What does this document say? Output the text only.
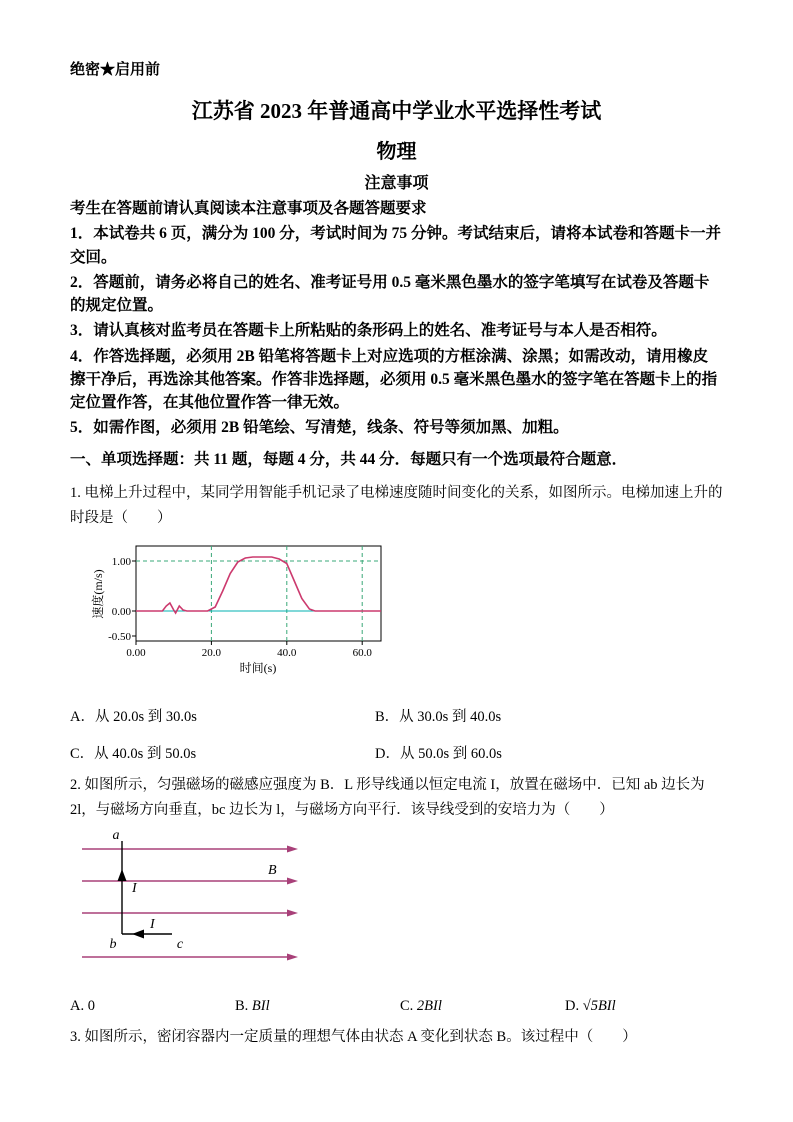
绝密★启用前
江苏省 2023 年普通高中学业水平选择性考试
物理
注意事项

考生在答题前请认真阅读本注意事项及各题答题要求

1．本试卷共 6 页，满分为 100 分，考试时间为 75 分钟。考试结束后，请将本试卷和答题卡一并交回。

2．答题前，请务必将自己的姓名、准考证号用 0.5 毫米黑色墨水的签字笔填写在试卷及答题卡的规定位置。

3．请认真核对监考员在答题卡上所粘贴的条形码上的姓名、准考证号与本人是否相符。

4．作答选择题，必须用 2B 铅笔将答题卡上对应选项的方框涂满、涂黑；如需改动，请用橡皮擦干净后，再选涂其他答案。作答非选择题，必须用 0.5 毫米黑色墨水的签字笔在答题卡上的指定位置作答，在其他位置作答一律无效。

5．如需作图，必须用 2B 铅笔绘、写清楚，线条、符号等须加黑、加粗。

一、单项选择题：共 11 题，每题 4 分，共 44 分．每题只有一个选项最符合题意．

1. 电梯上升过程中，某同学用智能手机记录了电梯速度随时间变化的关系，如图所示。电梯加速上升的时段是（　　）

1.00
0.00
-0.50
0.00	20.0	40.0	60.0
时间(s)
速度(m/s)
A．从 20.0s 到 30.0s	B．从 30.0s 到 40.0s
C．从 40.0s 到 50.0s	D．从 50.0s 到 60.0s

2. 如图所示，匀强磁场的磁感应强度为 B．L 形导线通以恒定电流 I，放置在磁场中．已知 ab 边长为 2l，与磁场方向垂直，bc 边长为 l，与磁场方向平行．该导线受到的安培力为（　　）

a
b	c
I
I
B
A. 0	B. BIl	C. 2BIl	D. √5BIl

3. 如图所示，密闭容器内一定质量的理想气体由状态 A 变化到状态 B。该过程中（　　）
